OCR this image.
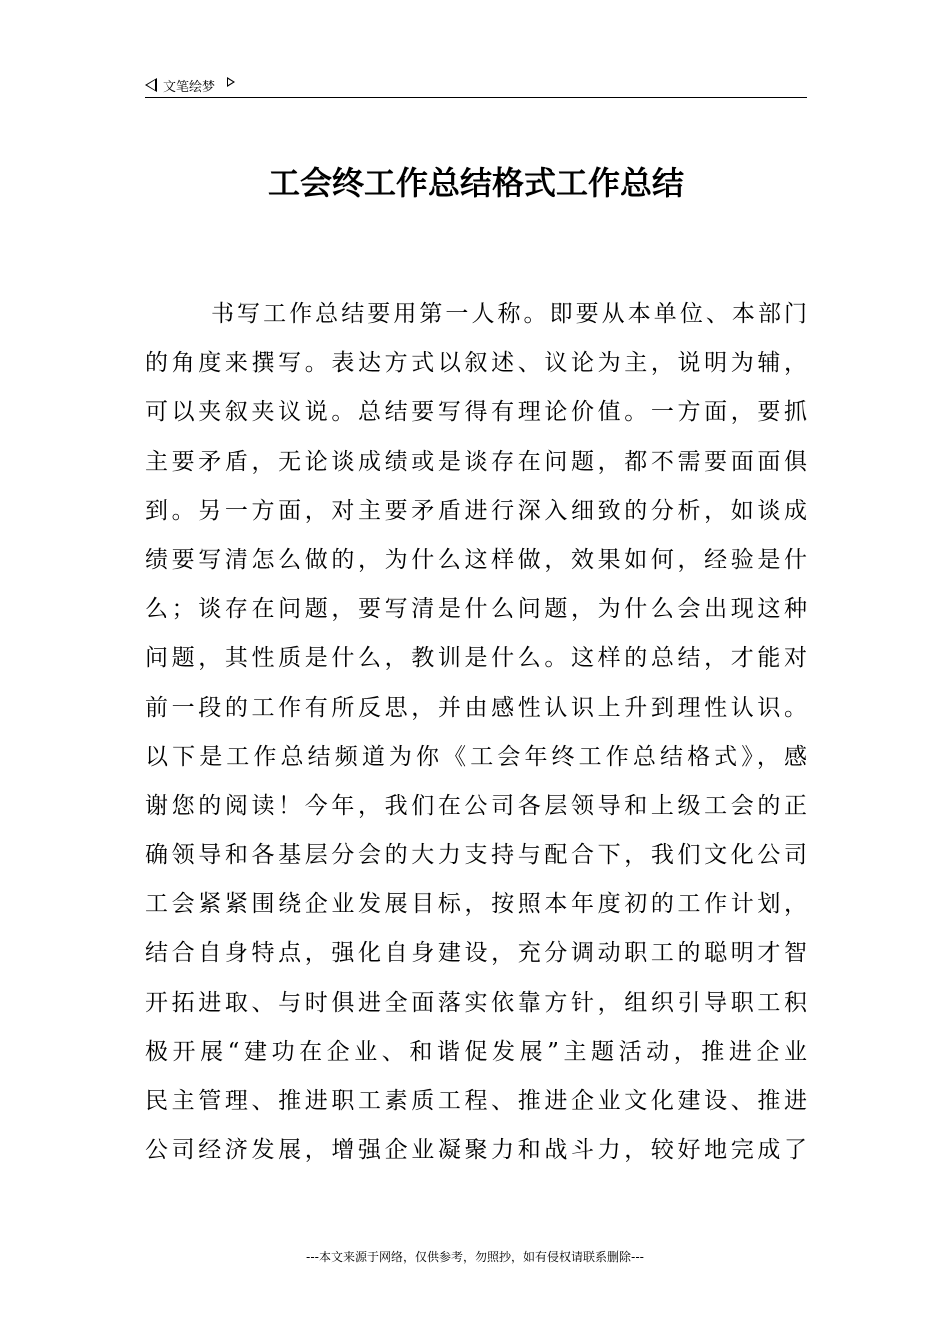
文笔绘梦
工会终工作总结格式工作总结
书写工作总结要用第一人称。即要从本单位、本部门
的角度来撰写。表达方式以叙述、议论为主，说明为辅，
可以夹叙夹议说。总结要写得有理论价值。一方面，要抓
主要矛盾，无论谈成绩或是谈存在问题，都不需要面面俱
到。另一方面，对主要矛盾进行深入细致的分析，如谈成
绩要写清怎么做的，为什么这样做，效果如何，经验是什
么；谈存在问题，要写清是什么问题，为什么会出现这种
问题，其性质是什么，教训是什么。这样的总结，才能对
前一段的工作有所反思，并由感性认识上升到理性认识。
以下是工作总结频道为你《工会年终工作总结格式》，感
谢您的阅读！今年，我们在公司各层领导和上级工会的正
确领导和各基层分会的大力支持与配合下，我们文化公司
工会紧紧围绕企业发展目标，按照本年度初的工作计划，
结合自身特点，强化自身建设，充分调动职工的聪明才智
开拓进取、与时俱进全面落实依靠方针，组织引导职工积
极开展“建功在企业、和谐促发展”主题活动，推进企业
民主管理、推进职工素质工程、推进企业文化建设、推进
公司经济发展，增强企业凝聚力和战斗力，较好地完成了
---本文来源于网络，仅供参考，勿照抄，如有侵权请联系删除---
